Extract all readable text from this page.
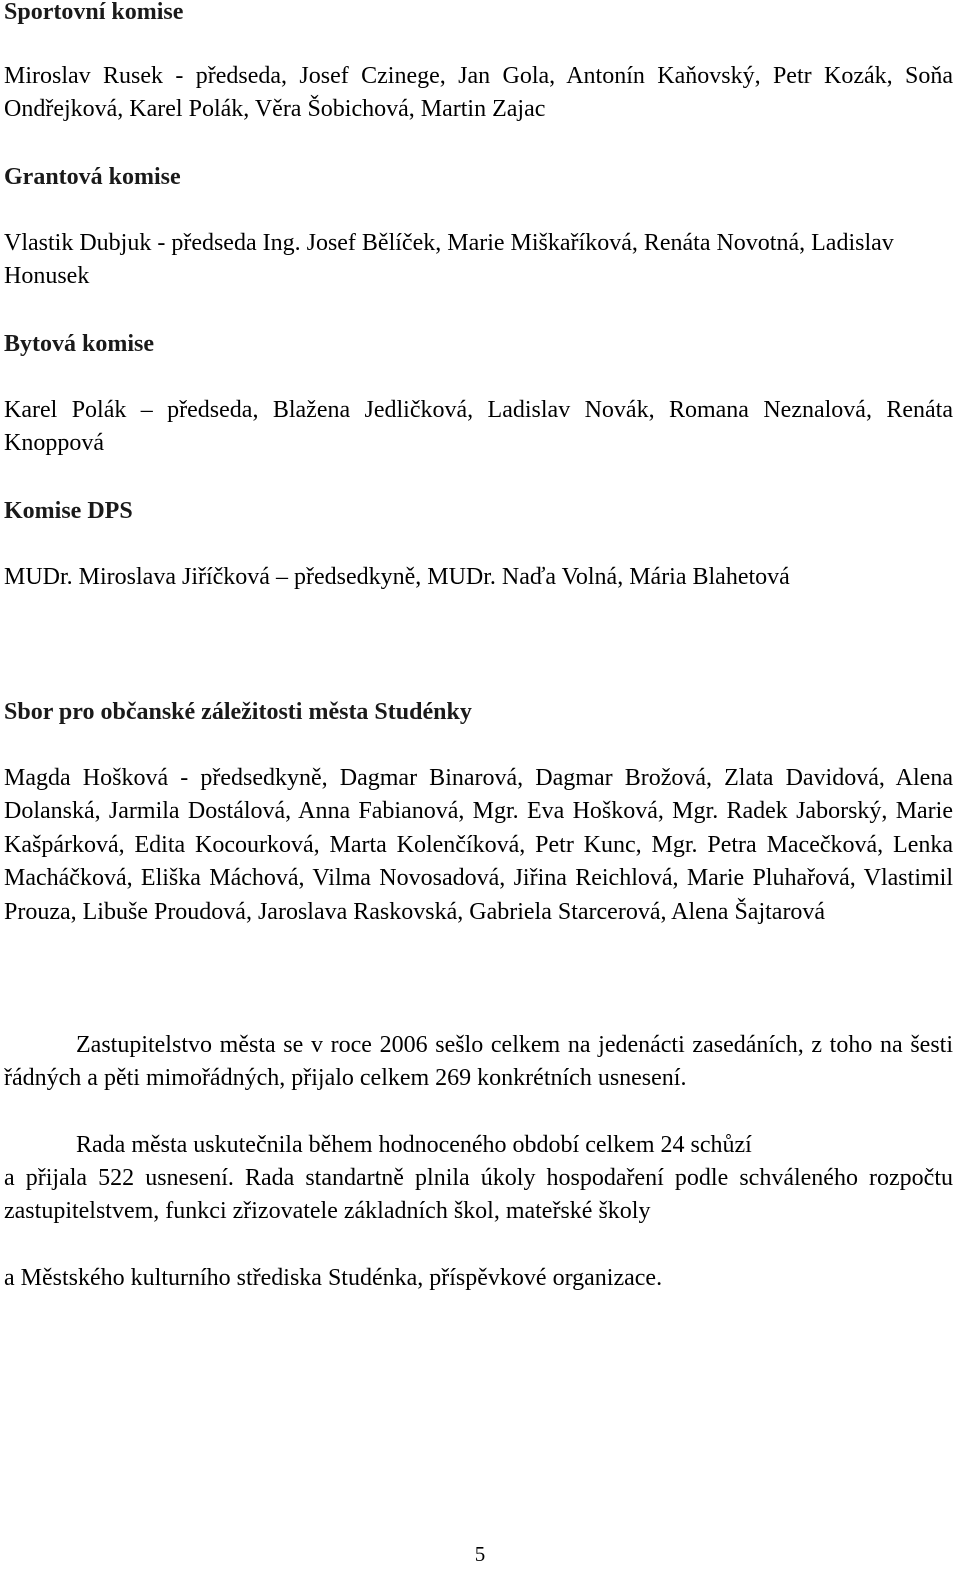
Sportovní komise
Miroslav Rusek - předseda, Josef Czinege, Jan Gola, Antonín Kaňovský, Petr Kozák, Soňa Ondřejková, Karel Polák, Věra Šobichová, Martin Zajac
Grantová komise
Vlastik Dubjuk - předseda Ing. Josef Bělíček, Marie Miškaříková, Renáta Novotná, Ladislav Honusek
Bytová komise
Karel Polák – předseda, Blažena Jedličková, Ladislav Novák, Romana Neznalová, Renáta Knoppová
Komise DPS
MUDr. Miroslava Jiříčková – předsedkyně, MUDr. Naďa Volná, Mária Blahetová
Sbor pro občanské záležitosti města Studénky
Magda Hošková - předsedkyně, Dagmar Binarová, Dagmar Brožová, Zlata Davidová, Alena Dolanská, Jarmila Dostálová, Anna Fabianová, Mgr. Eva Hošková, Mgr. Radek Jaborský, Marie Kašpárková, Edita Kocourková, Marta Kolenčíková, Petr Kunc, Mgr. Petra Macečková, Lenka Macháčková, Eliška Máchová, Vilma Novosadová, Jiřina Reichlová, Marie Pluhařová, Vlastimil Prouza, Libuše Proudová, Jaroslava Raskovská, Gabriela Starcerová, Alena Šajtarová
Zastupitelstvo města se v roce 2006 sešlo celkem na jedenácti zasedáních, z toho na šesti řádných a pěti mimořádných, přijalo celkem 269 konkrétních usnesení.
Rada města uskutečnila během hodnoceného období celkem 24 schůzí
a přijala 522 usnesení. Rada standartně plnila úkoly hospodaření podle schváleného rozpočtu zastupitelstvem, funkci zřizovatele základních škol, mateřské školy
a Městského kulturního střediska Studénka, příspěvkové organizace.
5
